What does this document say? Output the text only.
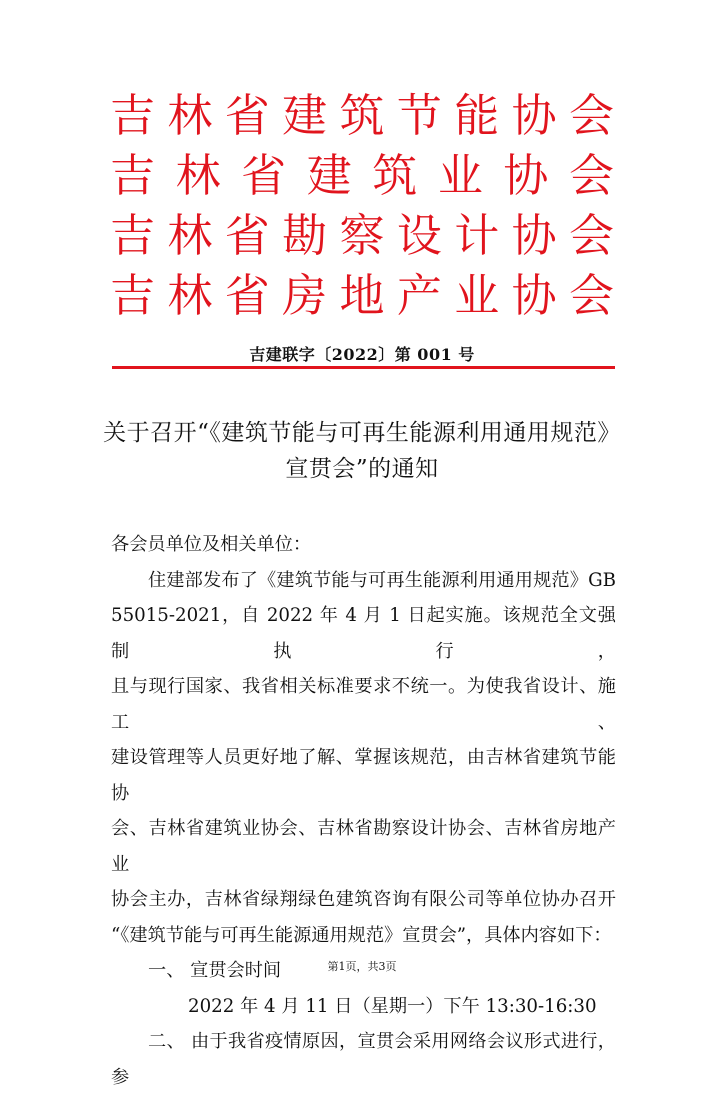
吉林省建筑节能协会
吉林省建筑业协会
吉林省勘察设计协会
吉林省房地产业协会
吉建联字〔2022〕第 001 号
关于召开“《建筑节能与可再生能源利用通用规范》
宣贯会”的通知

各会员单位及相关单位：

住建部发布了《建筑节能与可再生能源利用通用规范》GB

55015-2021，自 2022 年 4 月 1 日起实施。该规范全文强制执行，

且与现行国家、我省相关标准要求不统一。为使我省设计、施工、

建设管理等人员更好地了解、掌握该规范，由吉林省建筑节能协

会、吉林省建筑业协会、吉林省勘察设计协会、吉林省房地产业

协会主办，吉林省绿翔绿色建筑咨询有限公司等单位协办召开

“《建筑节能与可再生能源通用规范》宣贯会”，具体内容如下：

一、 宣贯会时间

2022 年 4 月 11 日（星期一）下午 13:30-16:30

二、 由于我省疫情原因，宣贯会采用网络会议形式进行，参

第1页，共3页
